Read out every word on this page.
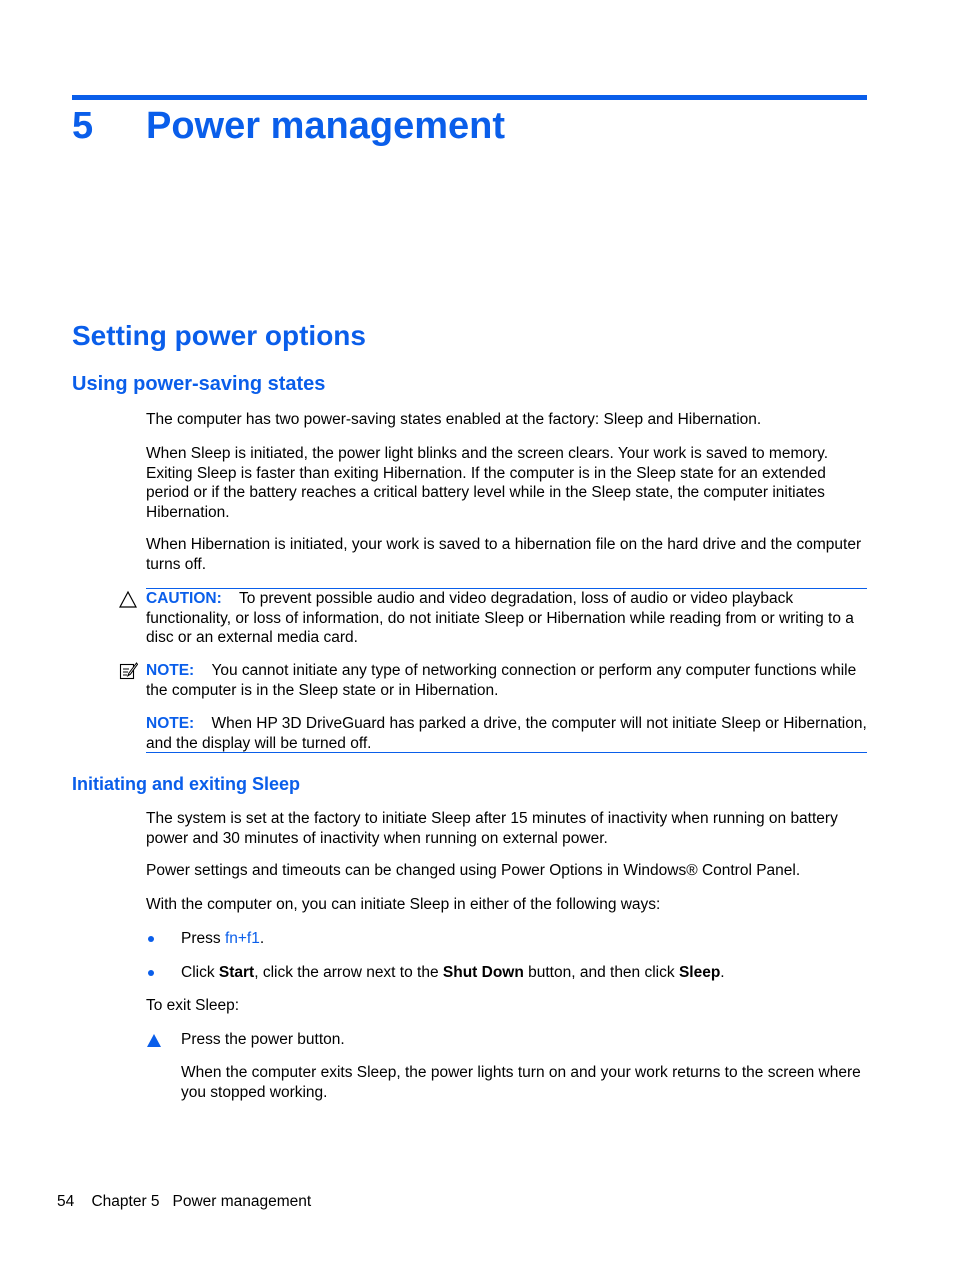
5 Power management
Setting power options
Using power-saving states

The computer has two power-saving states enabled at the factory: Sleep and Hibernation.

When Sleep is initiated, the power light blinks and the screen clears. Your work is saved to memory. Exiting Sleep is faster than exiting Hibernation. If the computer is in the Sleep state for an extended period or if the battery reaches a critical battery level while in the Sleep state, the computer initiates Hibernation.

When Hibernation is initiated, your work is saved to a hibernation file on the hard drive and the computer turns off.

CAUTION: To prevent possible audio and video degradation, loss of audio or video playback functionality, or loss of information, do not initiate Sleep or Hibernation while reading from or writing to a disc or an external media card.

NOTE: You cannot initiate any type of networking connection or perform any computer functions while the computer is in the Sleep state or in Hibernation.

NOTE: When HP 3D DriveGuard has parked a drive, the computer will not initiate Sleep or Hibernation, and the display will be turned off.

Initiating and exiting Sleep

The system is set at the factory to initiate Sleep after 15 minutes of inactivity when running on battery power and 30 minutes of inactivity when running on external power.

Power settings and timeouts can be changed using Power Options in Windows® Control Panel.

With the computer on, you can initiate Sleep in either of the following ways:

Press fn+f1.
Click Start, click the arrow next to the Shut Down button, and then click Sleep.

To exit Sleep:

Press the power button.
When the computer exits Sleep, the power lights turn on and your work returns to the screen where you stopped working.
54 Chapter 5 Power management
